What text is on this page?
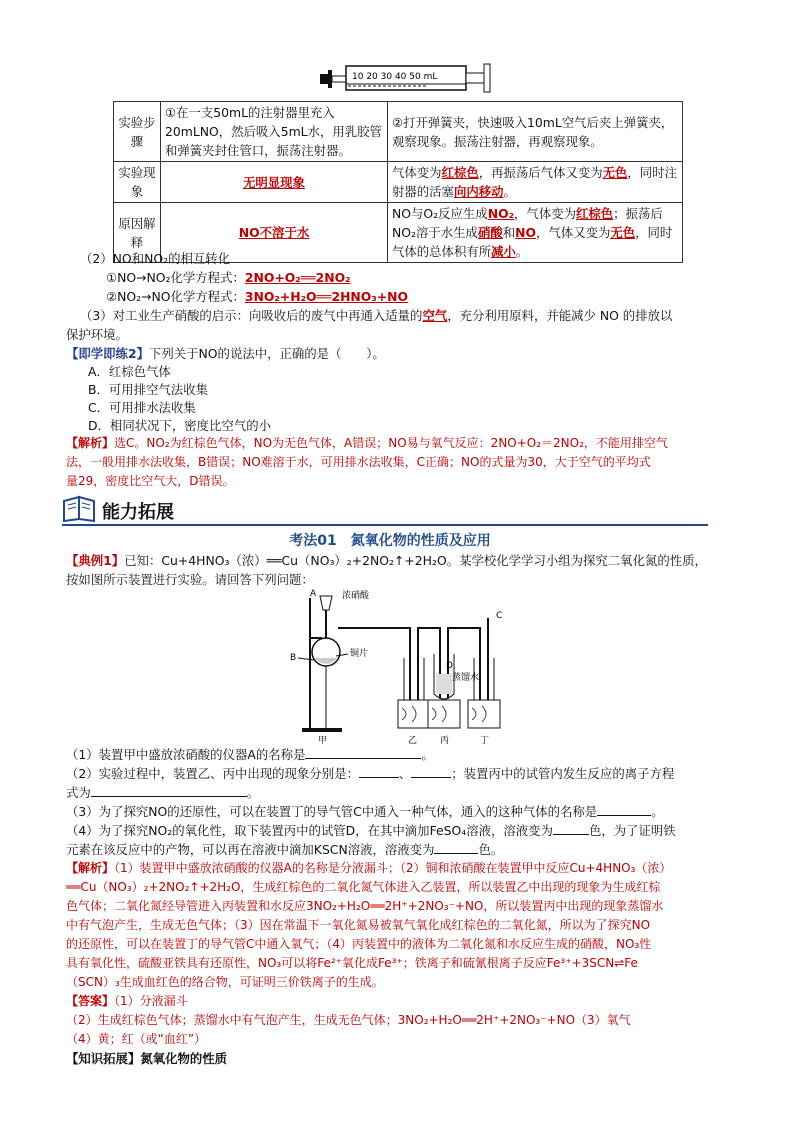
10 20 30 40 50 mL
实验步骤	①在一支50mL的注射器里充入20mLNO，然后吸入5mL水，用乳胶管和弹簧夹封住管口，振荡注射器。	②打开弹簧夹，快速吸入10mL空气后夹上弹簧夹，观察现象。振荡注射器，再观察现象。
实验现象	无明显现象	气体变为红棕色，再振荡后气体又变为无色，同时注射器的活塞向内移动。
原因解释	NO不溶于水	NO与O₂反应生成NO₂，气体变为红棕色；振荡后NO₂溶于水生成硝酸和NO，气体又变为无色，同时气体的总体积有所减小。
（2）NO和NO₂的相互转化
①NO→NO₂化学方程式：2NO+O₂══2NO₂
②NO₂→NO化学方程式：3NO₂+H₂O══2HNO₃+NO
（3）对工业生产硝酸的启示：向吸收后的废气中再通入适量的空气，充分利用原料，并能减少 NO 的排放以
保护环境。
【即学即练2】下列关于NO的说法中，正确的是（　　）。
A．红棕色气体
B．可用排空气法收集
C．可用排水法收集
D．相同状况下，密度比空气的小
【解析】选C。NO₂为红棕色气体，NO为无色气体，A错误；NO易与氧气反应：2NO+O₂＝2NO₂，不能用排空气
法，一般用排水法收集，B错误；NO难溶于水，可用排水法收集，C正确；NO的式量为30，大于空气的平均式
量29，密度比空气大，D错误。
能力拓展
考法01　氮氧化物的性质及应用
【典例1】已知：Cu+4HNO₃（浓）══Cu（NO₃）₂+2NO₂↑+2H₂O。某学校化学学习小组为探究二氧化氮的性质，
按如图所示装置进行实验。请回答下列问题：
A	浓硝酸
B	铜片
C
D
蒸馏水
甲	乙	丙	丁
（1）装置甲中盛放浓硝酸的仪器A的名称是	。
（2）实验过程中，装置乙、丙中出现的现象分别是：	、	；装置丙中的试管内发生反应的离子方程
式为	。
（3）为了探究NO的还原性，可以在装置丁的导气管C中通入一种气体，通入的这种气体的名称是	。
（4）为了探究NO₂的氧化性，取下装置丙中的试管D，在其中滴加FeSO₄溶液，溶液变为	色，为了证明铁
元素在该反应中的产物，可以再在溶液中滴加KSCN溶液，溶液变为	色。
【解析】（1）装置甲中盛放浓硝酸的仪器A的名称是分液漏斗；（2）铜和浓硝酸在装置甲中反应Cu+4HNO₃（浓）
══Cu（NO₃）₂+2NO₂↑+2H₂O，生成红棕色的二氧化氮气体进入乙装置，所以装置乙中出现的现象为生成红棕
色气体；二氧化氮经导管进入丙装置和水反应3NO₂+H₂O══2H⁺+2NO₃⁻+NO，所以装置丙中出现的现象蒸馏水
中有气泡产生，生成无色气体；（3）因在常温下一氧化氮易被氧气氧化成红棕色的二氧化氮，所以为了探究NO
的还原性，可以在装置丁的导气管C中通入氧气；（4）丙装置中的液体为二氧化氮和水反应生成的硝酸，NO₃性
具有氧化性，硫酸亚铁具有还原性，NO₃可以将Fe²⁺氧化成Fe³⁺；铁离子和硫氰根离子反应Fe³⁺+3SCN⇌Fe
（SCN）₃生成血红色的络合物，可证明三价铁离子的生成。
【答案】（1）分液漏斗
（2）生成红棕色气体；蒸馏水中有气泡产生，生成无色气体；3NO₂+H₂O══2H⁺+2NO₃⁻+NO（3）氧气
（4）黄；红（或“血红”）
【知识拓展】氮氧化物的性质
